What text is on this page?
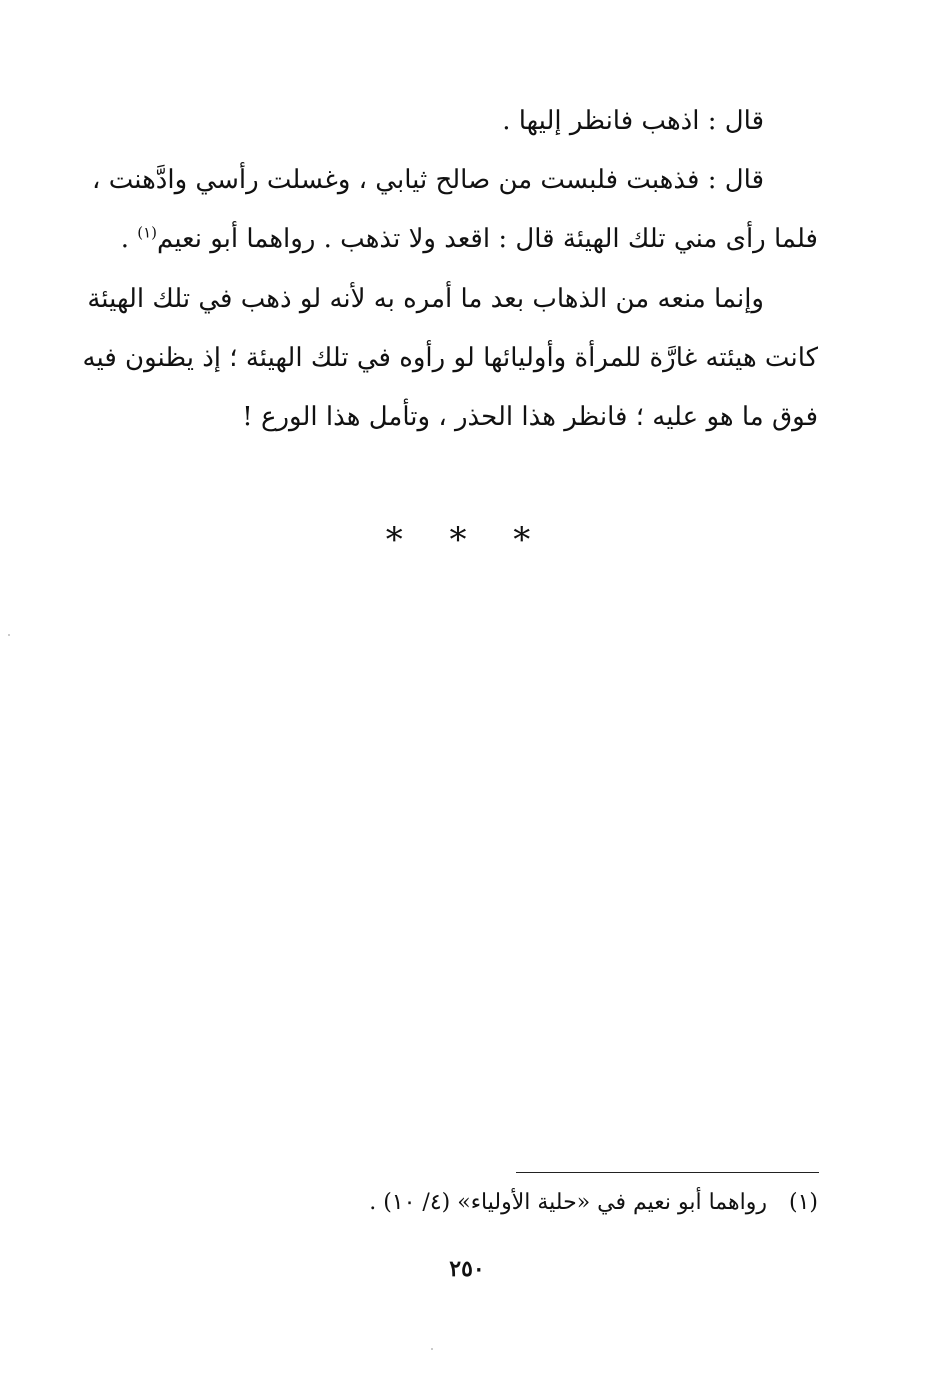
قال : اذهب فانظر إليها .
قال : فذهبت فلبست من صالح ثيابي ، وغسلت رأسي وادَّهنت ،
فلما رأى مني تلك الهيئة قال : اقعد ولا تذهب . رواهما أبو نعيم$^{(١)}$ .
وإنما منعه من الذهاب بعد ما أمره به لأنه لو ذهب في تلك الهيئة
كانت هيئته غارَّة للمرأة وأوليائها لو رأوه في تلك الهيئة ؛ إذ يظنون فيه
فوق ما هو عليه ؛ فانظر هذا الحذر ، وتأمل هذا الورع !
* * *
(١)رواهما أبو نعيم في «حلية الأولياء» (٤/ ١٠) .
٢٥٠
